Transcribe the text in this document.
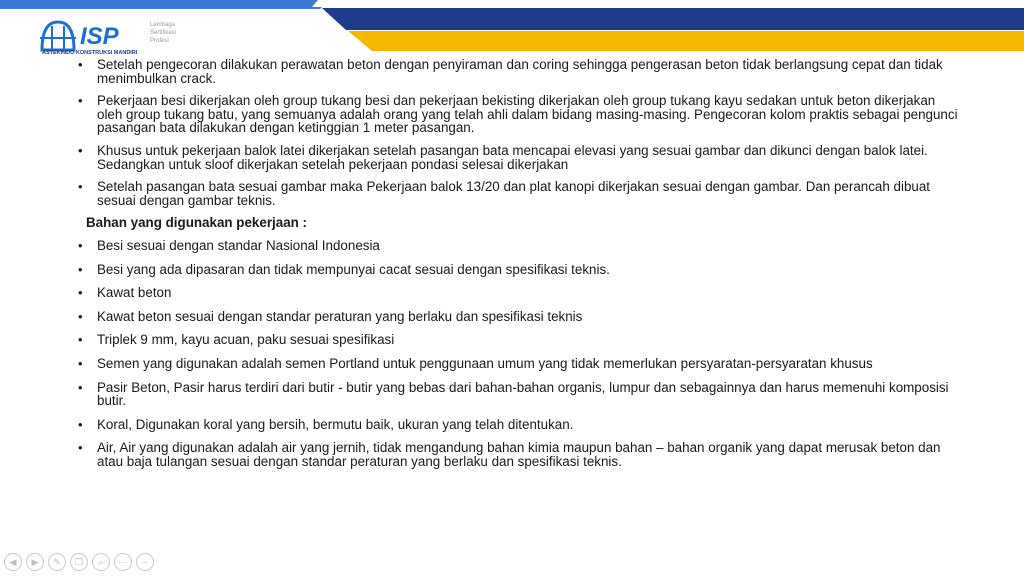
ISP	Lembaga
Sertifikasi
Profesi
ASTEKINDO KONSTRUKSI MANDIRI

• Setelah pengecoran dilakukan perawatan beton dengan penyiraman dan coring sehingga pengerasan beton tidak berlangsung cepat dan tidak menimbulkan crack.

• Pekerjaan besi dikerjakan oleh group tukang besi dan pekerjaan bekisting dikerjakan oleh group tukang kayu sedakan untuk beton dikerjakan oleh group tukang batu, yang semuanya adalah orang yang telah ahli dalam bidang masing-masing. Pengecoran kolom praktis sebagai pengunci pasangan bata dilakukan dengan ketinggian 1 meter pasangan.

• Khusus untuk pekerjaan balok latei dikerjakan setelah pasangan bata mencapai elevasi yang sesuai gambar dan dikunci dengan balok latei. Sedangkan untuk sloof dikerjakan setelah pekerjaan pondasi selesai dikerjakan

• Setelah pasangan bata sesuai gambar maka Pekerjaan balok 13/20 dan plat kanopi dikerjakan sesuai dengan gambar. Dan perancah dibuat sesuai dengan gambar teknis.

Bahan yang digunakan pekerjaan :

• Besi sesuai dengan standar Nasional Indonesia

• Besi yang ada dipasaran dan tidak mempunyai cacat sesuai dengan spesifikasi teknis.

• Kawat beton

• Kawat beton sesuai dengan standar peraturan yang berlaku dan spesifikasi teknis

• Triplek 9 mm, kayu acuan, paku sesuai spesifikasi

• Semen yang digunakan adalah semen Portland untuk penggunaan umum yang tidak memerlukan persyaratan-persyaratan khusus

• Pasir Beton, Pasir harus terdiri dari butir - butir yang bebas dari bahan-bahan organis, lumpur dan sebagainnya dan harus memenuhi komposisi butir.

• Koral, Digunakan koral yang bersih, bermutu baik, ukuran yang telah ditentukan.

• Air, Air yang digunakan adalah air yang jernih, tidak mengandung bahan kimia maupun bahan – bahan organik yang dapat merusak beton dan atau baja tulangan sesuai dengan standar peraturan yang berlaku dan spesifikasi teknis.

◀	▶	✎	❐	⌕	⋯	−
